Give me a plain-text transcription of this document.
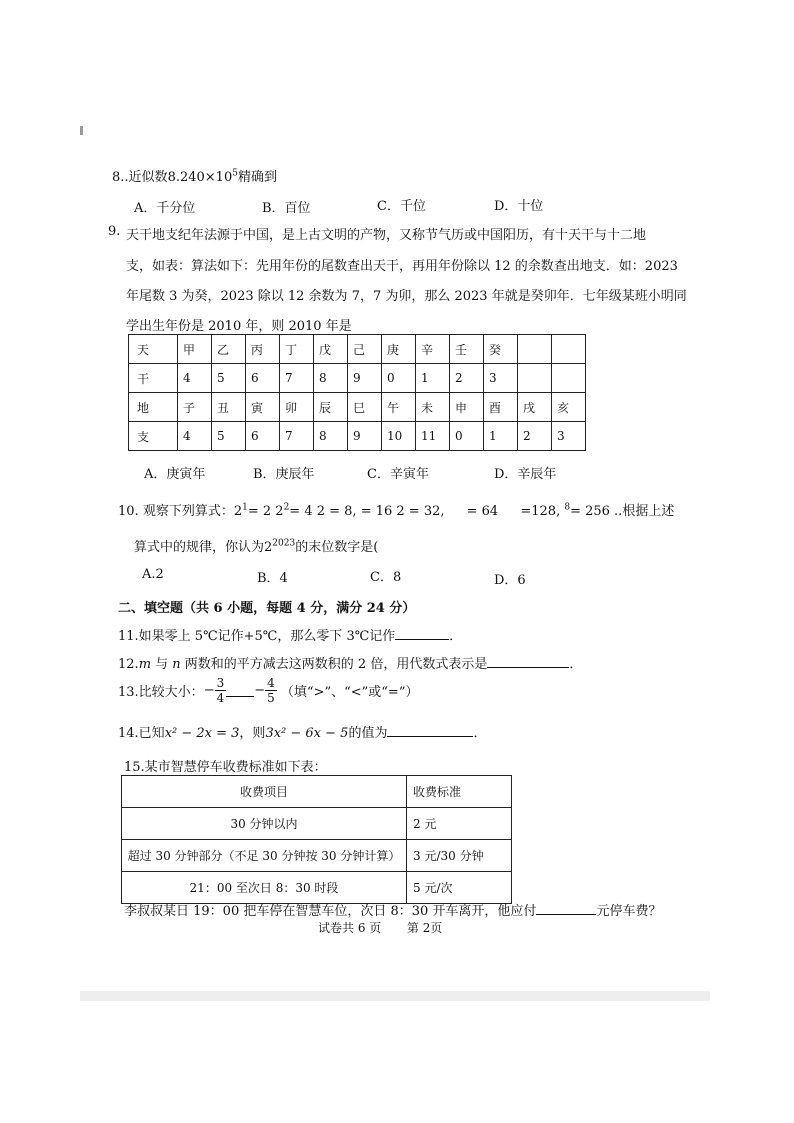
8..近似数$8.240\times 10^5$精确到
A．千分位	B．百位	C．千位	D．十位
9. 天干地支纪年法源于中国，是上古文明的产物，又称节气历或中国阳历，有十天干与十二地
支，如表：算法如下：先用年份的尾数查出天干，再用年份除以 12 的余数查出地支．如：2023
年尾数 3 为癸，2023 除以 12 余数为 7，7 为卯，那么 2023 年就是癸卯年．七年级某班小明同
学出生年份是 2010 年，则 2010 年是
天	甲	乙	丙	丁	戊	己	庚	辛	壬	癸		
干	4	5	6	7	8	9	0	1	2	3		
地	子	丑	寅	卯	辰	巳	午	未	申	酉	戌	亥
支	4	5	6	7	8	9	10	11	0	1	2	3
A．庚寅年	B．庚辰年	C．辛寅年	D．辛辰年
10. 观察下列算式：$2^1= 2$ $2^2= 4$ 2 = 8, = 16 2 = 32, = 64 =128, $^8$= 256 ..根据上述
算式中的规律，你认为$2^{2023}$的末位数字是(
A.2	B．4	C．8	D．6
二、填空题（共 6 小题，每题 4 分，满分 24 分）
11.如果零上 5℃记作+5℃，那么零下 3℃记作	．
12.m 与 n 两数和的平方减去这两数积的 2 倍，用代数式表示是	．
13.比较大小：− $\frac{3}{4} - \frac{4}{5}$ （填“>”、“<”或“=”）
14.已知x² − 2x = 3，则3x² − 6x − 5的值为	．
15.某市智慧停车收费标准如下表：
收费项目	收费标准
30 分钟以内	2 元
超过 30 分钟部分（不足 30 分钟按 30 分钟计算）	3 元/30 分钟
21：00 至次日 8：30 时段	5 元/次
李叔叔某日 19：00 把车停在智慧车位，次日 8：30 开车离开，他应付	元停车费？
试卷共 6 页 第 2页
